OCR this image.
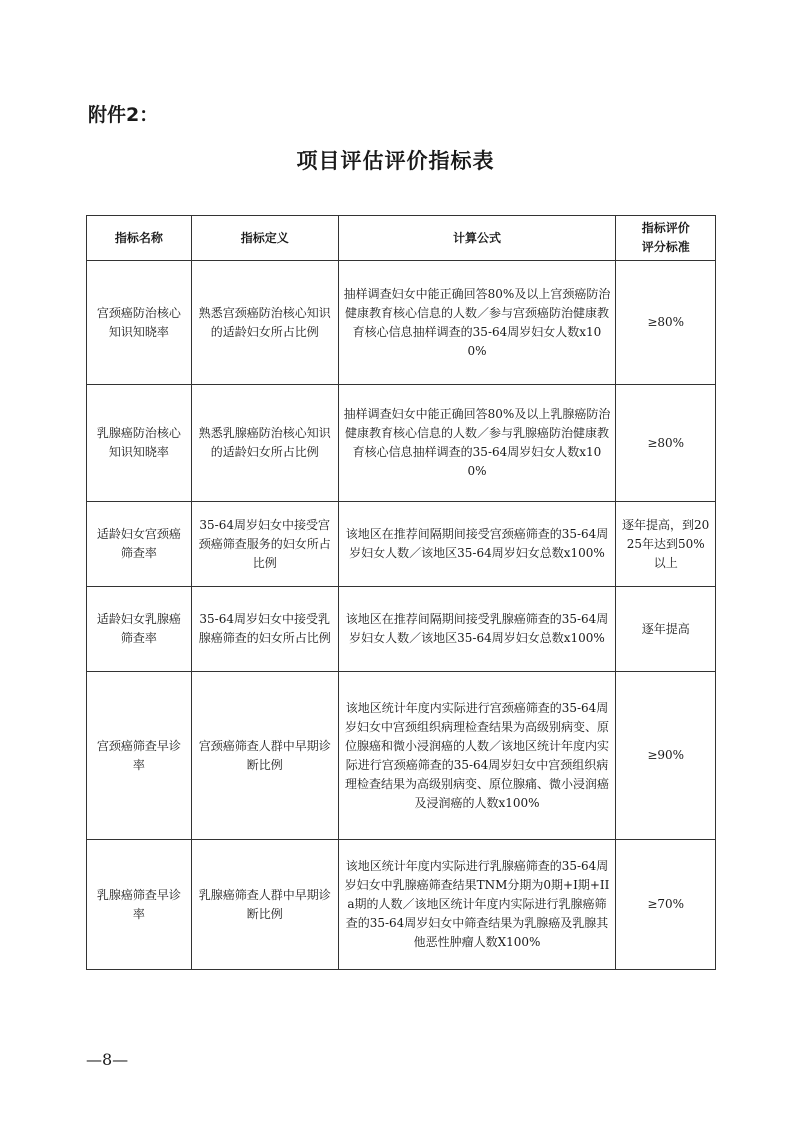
附件2：
项目评估评价指标表
指标名称	指标定义	计算公式	指标评价
评分标准
宫颈癌防治核心知识知晓率	熟悉宫颈癌防治核心知识的适龄妇女所占比例	抽样调查妇女中能正确回答80%及以上宫颈癌防治健康教育核心信息的人数／参与宫颈癌防治健康教育核心信息抽样调查的35-64周岁妇女人数x100%	≥80%
乳腺癌防治核心知识知晓率	熟悉乳腺癌防治核心知识的适龄妇女所占比例	抽样调查妇女中能正确回答80%及以上乳腺癌防治健康教育核心信息的人数／参与乳腺癌防治健康教育核心信息抽样调查的35-64周岁妇女人数x100%	≥80%
适龄妇女宫颈癌筛查率	35-64周岁妇女中接受宫颈癌筛查服务的妇女所占比例	该地区在推荐间隔期间接受宫颈癌筛查的35-64周岁妇女人数／该地区35-64周岁妇女总数x100%	逐年提高，到2025年达到50%以上
适龄妇女乳腺癌筛查率	35-64周岁妇女中接受乳腺癌筛查的妇女所占比例	该地区在推荐间隔期间接受乳腺癌筛查的35-64周岁妇女人数／该地区35-64周岁妇女总数x100%	逐年提高
宫颈癌筛查早诊率	宫颈癌筛查人群中早期诊断比例	该地区统计年度内实际进行宫颈癌筛查的35-64周岁妇女中宫颈组织病理检查结果为高级别病变、原位腺癌和微小浸润癌的人数／该地区统计年度内实际进行宫颈癌筛查的35-64周岁妇女中宫颈组织病理检查结果为高级别病变、原位腺痛、微小浸润癌及浸润癌的人数x100%	≥90%
乳腺癌筛查早诊率	乳腺癌筛查人群中早期诊断比例	该地区统计年度内实际进行乳腺癌筛查的35-64周岁妇女中乳腺癌筛查结果TNM分期为0期+I期+IIa期的人数／该地区统计年度内实际进行乳腺癌筛查的35-64周岁妇女中筛查结果为乳腺癌及乳腺其他恶性肿瘤人数X100%	≥70%
—8—
